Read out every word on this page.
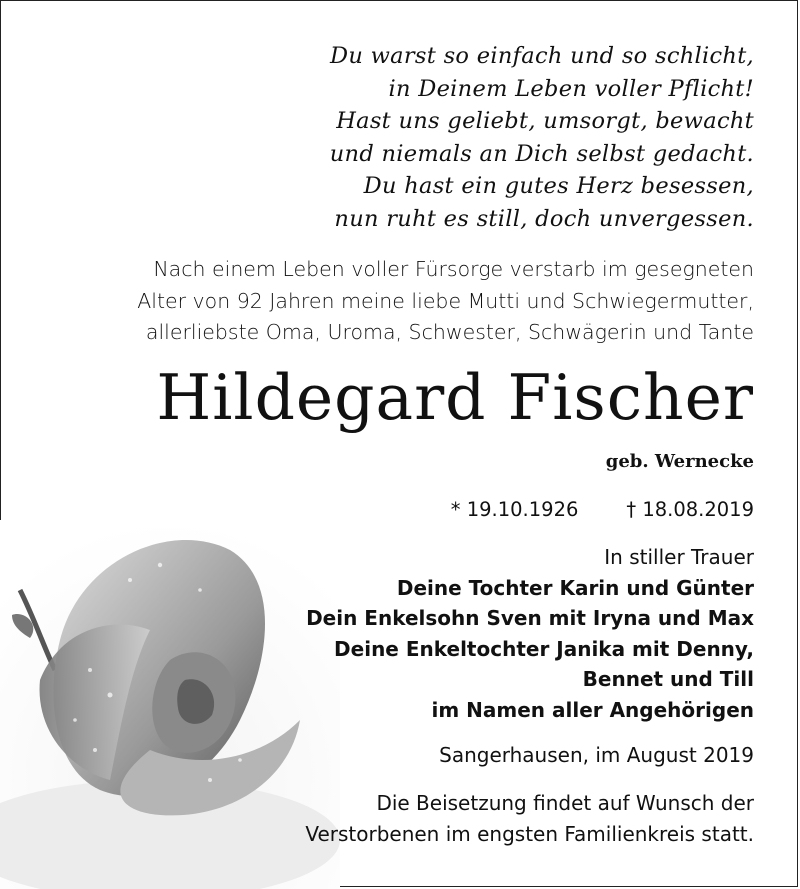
Du warst so einfach und so schlicht,
in Deinem Leben voller Pflicht!
Hast uns geliebt, umsorgt, bewacht
und niemals an Dich selbst gedacht.
Du hast ein gutes Herz besessen,
nun ruht es still, doch unvergessen.
Nach einem Leben voller Fürsorge verstarb im gesegneten
Alter von 92 Jahren meine liebe Mutti und Schwiegermutter,
allerliebste Oma, Uroma, Schwester, Schwägerin und Tante
Hildegard Fischer
geb. Wernecke
* 19.10.1926 † 18.08.2019
In stiller Trauer
Deine Tochter Karin und Günter
Dein Enkelsohn Sven mit Iryna und Max
Deine Enkeltochter Janika mit Denny,
Bennet und Till
im Namen aller Angehörigen
Sangerhausen, im August 2019
Die Beisetzung findet auf Wunsch der
Verstorbenen im engsten Familienkreis statt.
